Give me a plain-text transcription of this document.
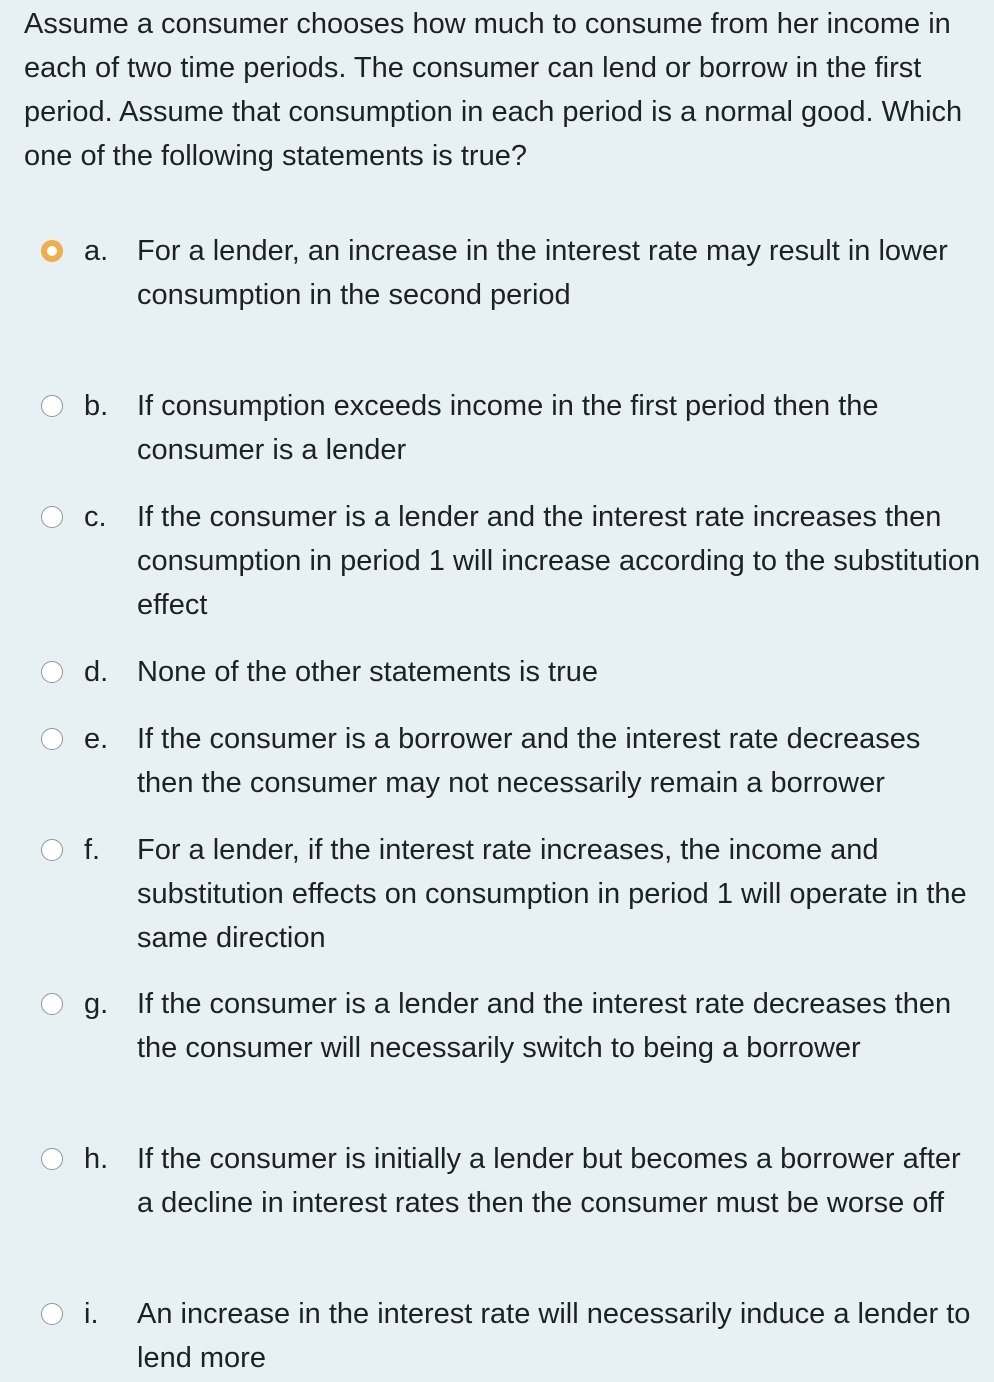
Assume a consumer chooses how much to consume from her income in each of two time periods. The consumer can lend or borrow in the first period. Assume that consumption in each period is a normal good. Which one of the following statements is true?

a. For a lender, an increase in the interest rate may result in lower consumption in the second period
b. If consumption exceeds income in the first period then the consumer is a lender
c. If the consumer is a lender and the interest rate increases then consumption in period 1 will increase according to the substitution effect
d. None of the other statements is true
e. If the consumer is a borrower and the interest rate decreases then the consumer may not necessarily remain a borrower
f. For a lender, if the interest rate increases, the income and substitution effects on consumption in period 1 will operate in the same direction
g. If the consumer is a lender and the interest rate decreases then the consumer will necessarily switch to being a borrower
h. If the consumer is initially a lender but becomes a borrower after a decline in interest rates then the consumer must be worse off
i. An increase in the interest rate will necessarily induce a lender to lend more
